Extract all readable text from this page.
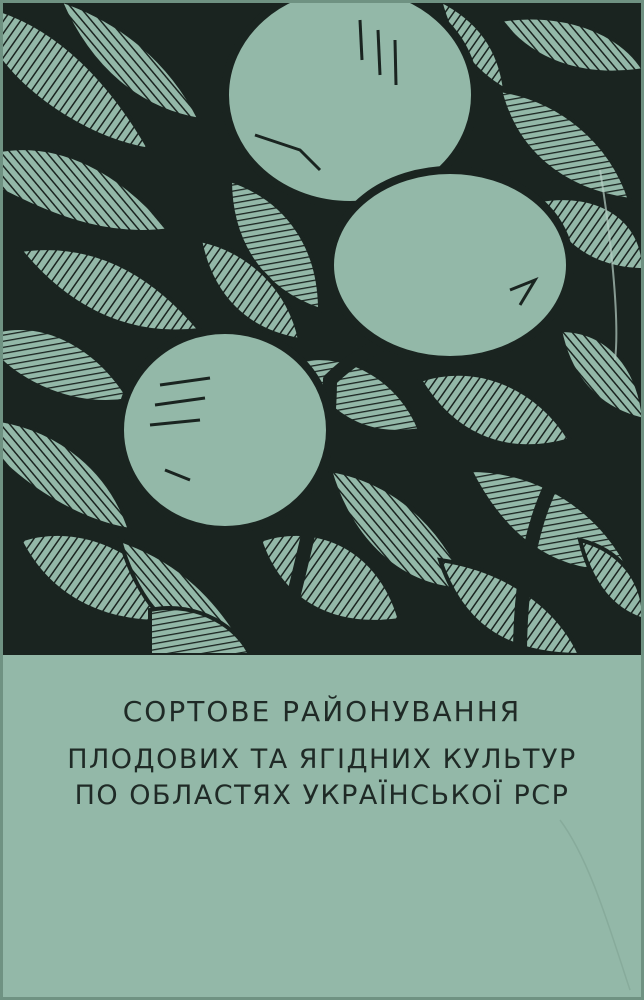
СОРТОВЕ РАЙОНУВАННЯ
ПЛОДОВИХ ТА ЯГІДНИХ КУЛЬТУР
ПО ОБЛАСТЯХ УКРАЇНСЬКОЇ РСР
